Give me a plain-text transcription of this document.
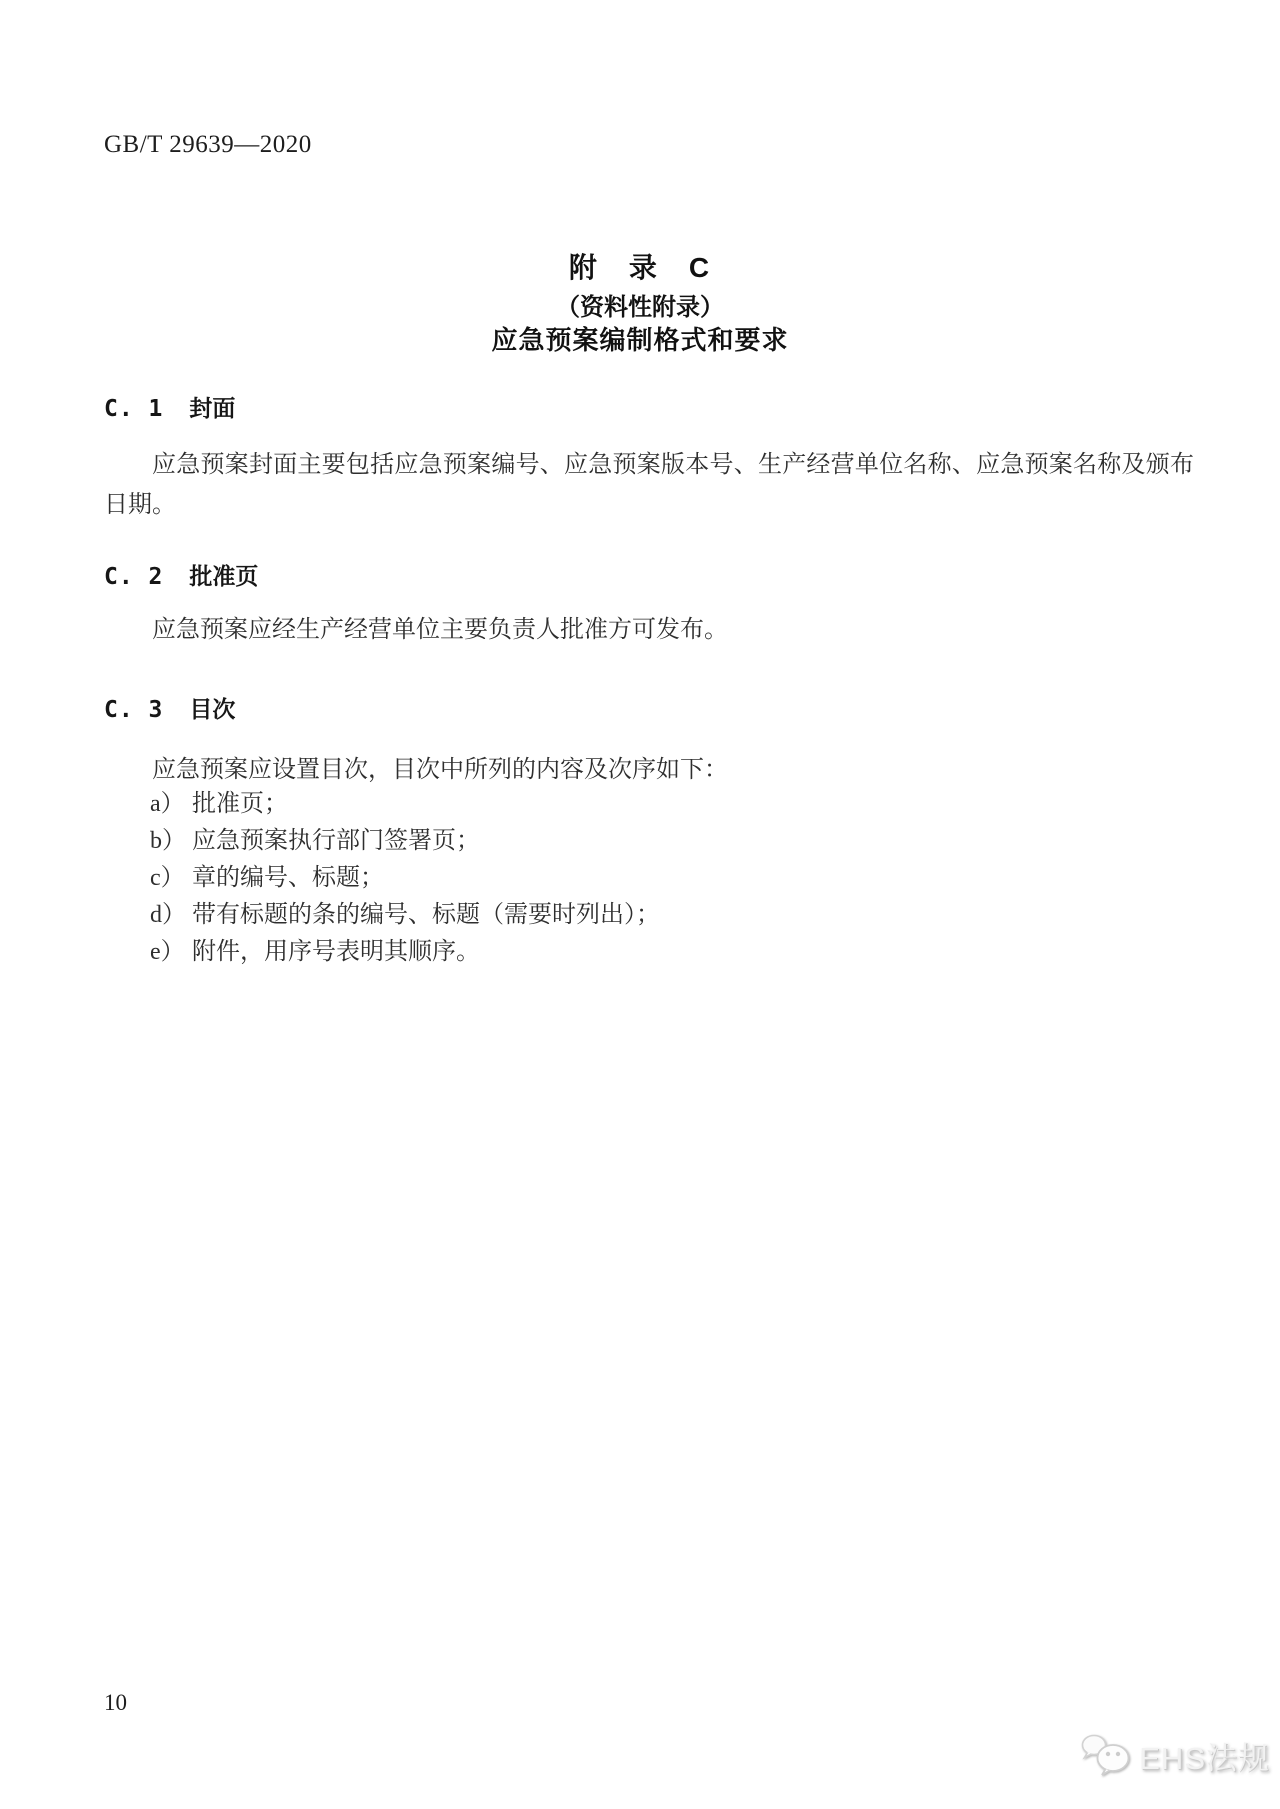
GB/T 29639—2020
附　录　C
（资料性附录）
应急预案编制格式和要求
C. 1 封面
应急预案封面主要包括应急预案编号、应急预案版本号、生产经营单位名称、应急预案名称及颁布日期。
C. 2 批准页
应急预案应经生产经营单位主要负责人批准方可发布。
C. 3 目次
应急预案应设置目次，目次中所列的内容及次序如下：
a） 批准页；
b） 应急预案执行部门签署页；
c） 章的编号、标题；
d） 带有标题的条的编号、标题（需要时列出）；
e） 附件，用序号表明其顺序。
10
EHS法规
